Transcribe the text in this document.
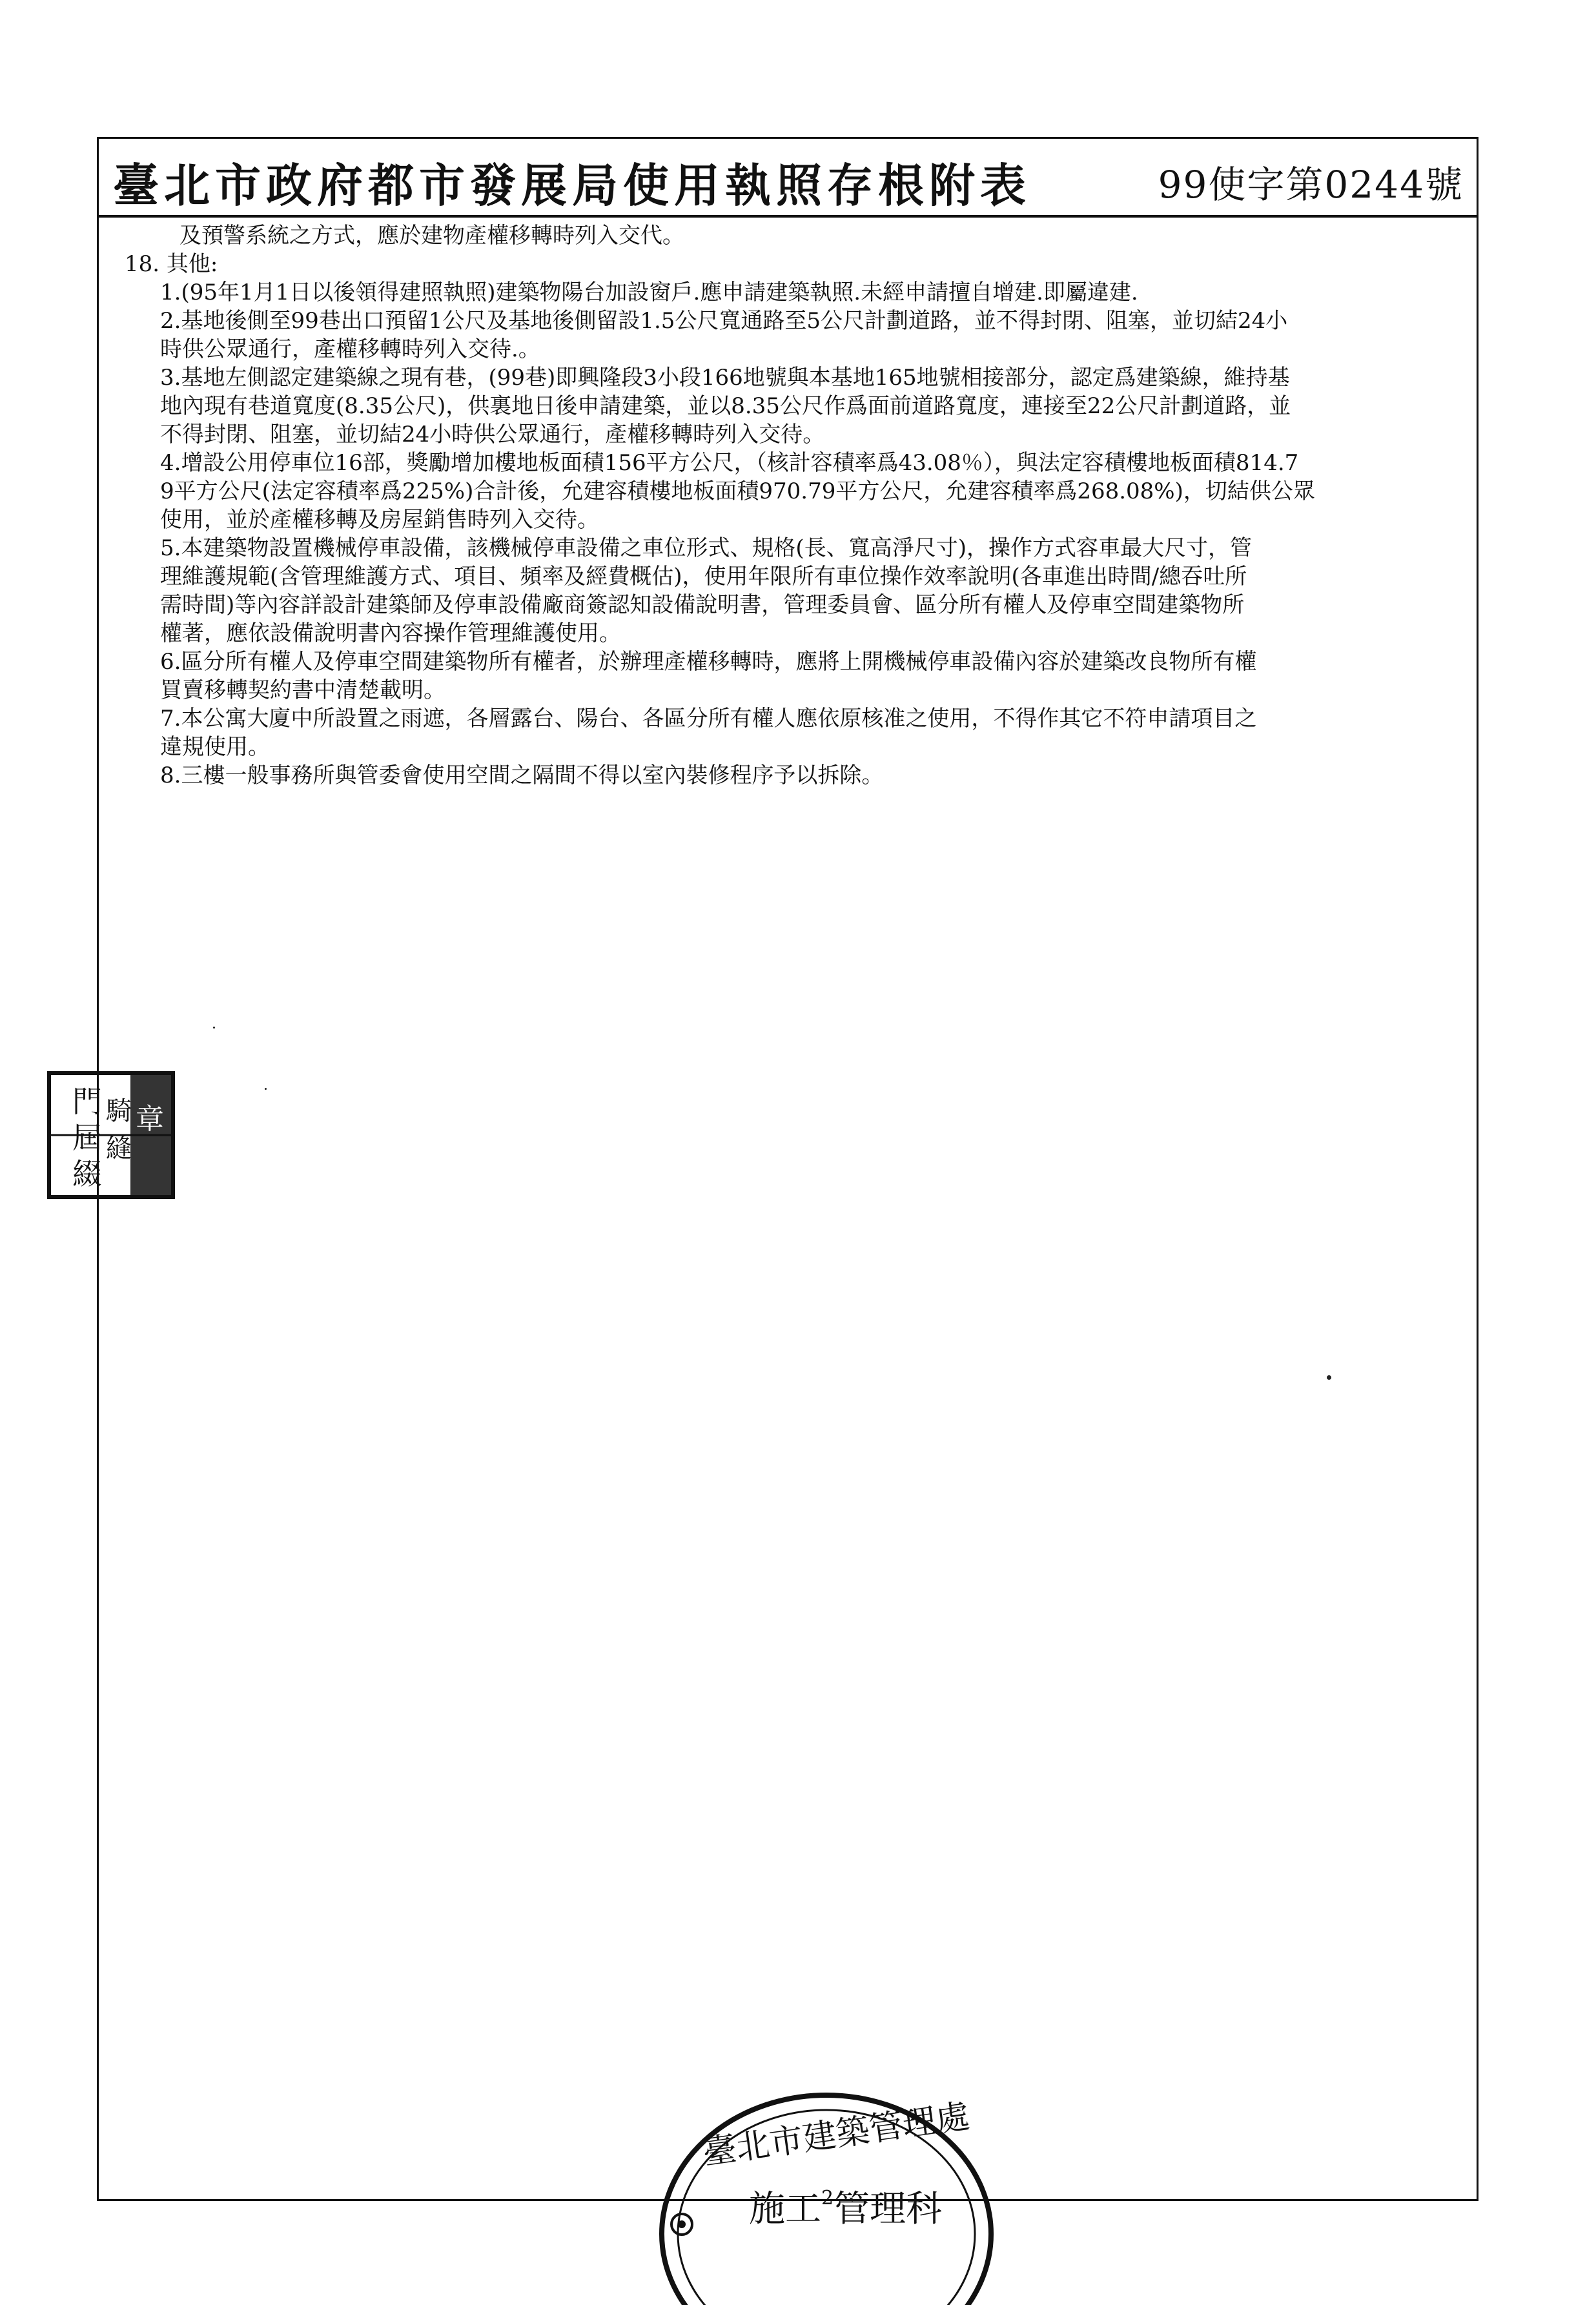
臺北市政府都市發展局使用執照存根附表	99使字第0244號
及預警系統之方式，應於建物產權移轉時列入交代。
18. 其他:
1.(95年1月1日以後領得建照執照)建築物陽台加設窗戶.應申請建築執照.未經申請擅自增建.即屬違建.
2.基地後側至99巷出口預留1公尺及基地後側留設1.5公尺寬通路至5公尺計劃道路，並不得封閉、阻塞，並切結24小
時供公眾通行，產權移轉時列入交待.。
3.基地左側認定建築線之現有巷，(99巷)即興隆段3小段166地號與本基地165地號相接部分，認定爲建築線，維持基
地內現有巷道寬度(8.35公尺)，供裏地日後申請建築，並以8.35公尺作爲面前道路寬度，連接至22公尺計劃道路，並
不得封閉、阻塞，並切結24小時供公眾通行，產權移轉時列入交待。
4.增設公用停車位16部，獎勵增加樓地板面積156平方公尺，（核計容積率爲43.08％），與法定容積樓地板面積814.7
9平方公尺(法定容積率爲225%)合計後，允建容積樓地板面積970.79平方公尺，允建容積率爲268.08%)，切結供公眾
使用，並於產權移轉及房屋銷售時列入交待。
5.本建築物設置機械停車設備，該機械停車設備之車位形式、規格(長、寬高淨尺寸)，操作方式容車最大尺寸，管
理維護規範(含管理維護方式、項目、頻率及經費概估)，使用年限所有車位操作效率說明(各車進出時間/總吞吐所
需時間)等內容詳設計建築師及停車設備廠商簽認知設備說明書，管理委員會、區分所有權人及停車空間建築物所
權著，應依設備說明書內容操作管理維護使用。
6.區分所有權人及停車空間建築物所有權者，於辦理產權移轉時，應將上開機械停車設備內容於建築改良物所有權
買賣移轉契約書中清楚載明。
7.本公寓大廈中所設置之雨遮，各層露台、陽台、各區分所有權人應依原核准之使用，不得作其它不符申請項目之
違規使用。
8.三樓一般事務所與管委會使用空間之隔間不得以室內裝修程序予以拆除。
門
屆
綴
騎
縫
章
臺北市建築管理處
施工$^2$管理科
